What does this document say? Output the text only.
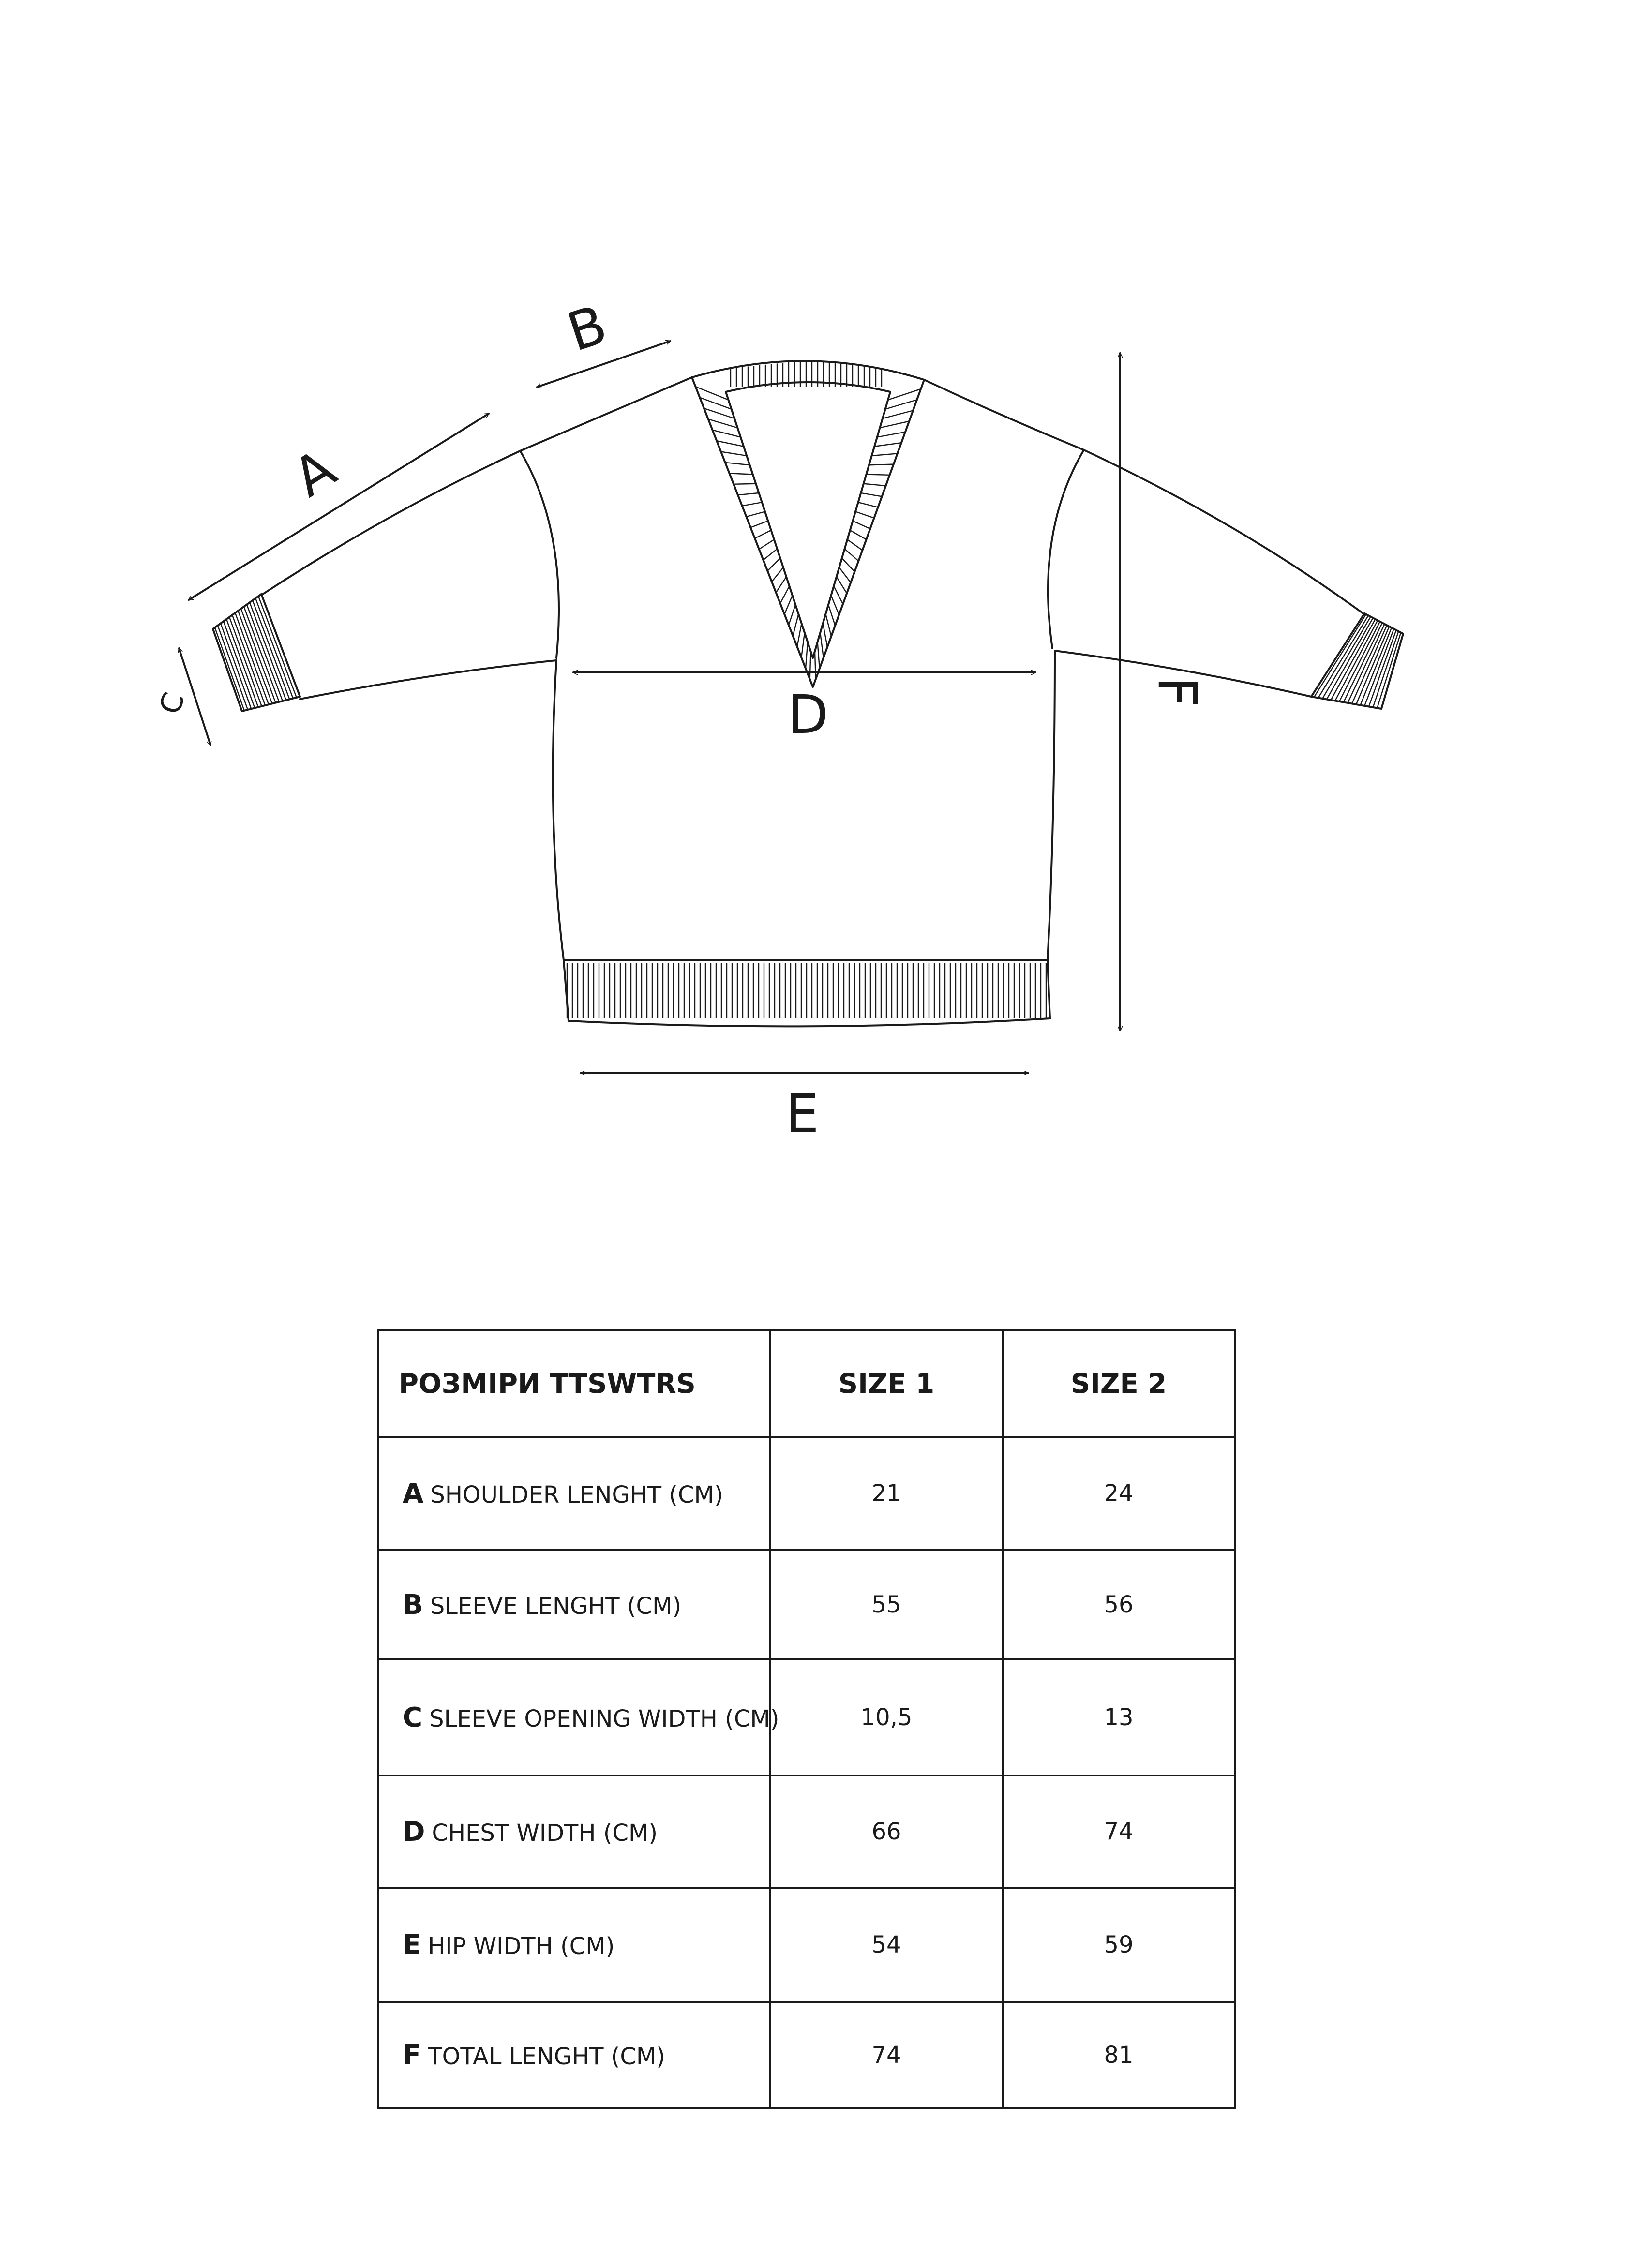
A
B
C	D
E
F
РОЗМІРИ TTSWTRS	SIZE 1	SIZE 2
A SHOULDER LENGHT (CM)	21	24
B SLEEVE LENGHT (CM)	55	56
C SLEEVE OPENING WIDTH (CM)	10,5	13
D CHEST WIDTH (CM)	66	74
E HIP WIDTH (CM)	54	59
F TOTAL LENGHT (CM)	74	81
